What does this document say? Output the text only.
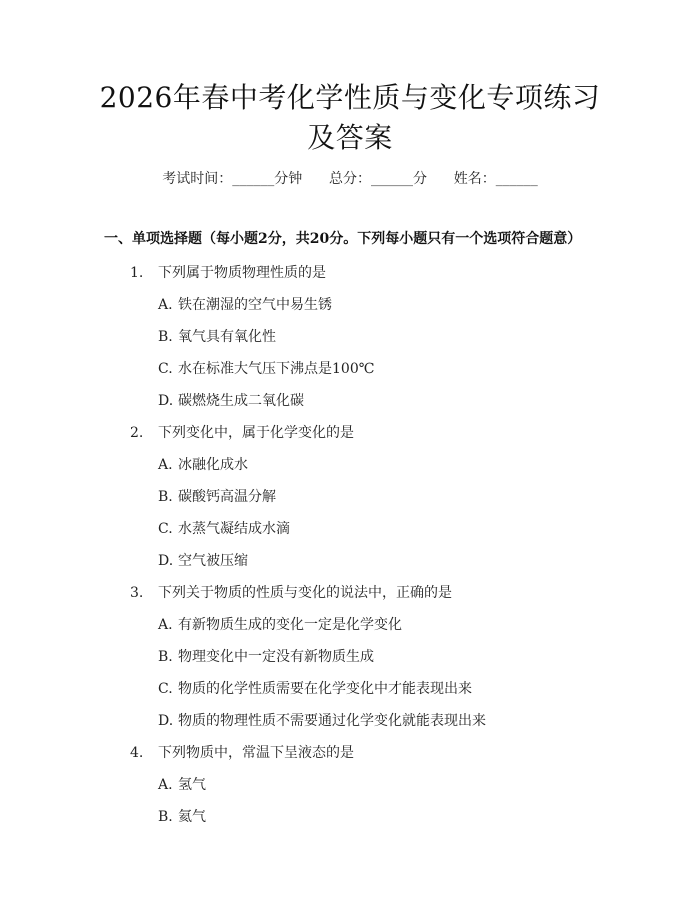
2026年春中考化学性质与变化专项练习及答案
考试时间：______分钟      总分：______分      姓名：______
一、单项选择题（每小题2分，共20分。下列每小题只有一个选项符合题意）
1. 下列属于物质物理性质的是
A. 铁在潮湿的空气中易生锈
B. 氧气具有氧化性
C. 水在标准大气压下沸点是100℃
D. 碳燃烧生成二氧化碳
2. 下列变化中，属于化学变化的是
A. 冰融化成水
B. 碳酸钙高温分解
C. 水蒸气凝结成水滴
D. 空气被压缩
3. 下列关于物质的性质与变化的说法中，正确的是
A. 有新物质生成的变化一定是化学变化
B. 物理变化中一定没有新物质生成
C. 物质的化学性质需要在化学变化中才能表现出来
D. 物质的物理性质不需要通过化学变化就能表现出来
4. 下列物质中，常温下呈液态的是
A. 氢气
B. 氦气
